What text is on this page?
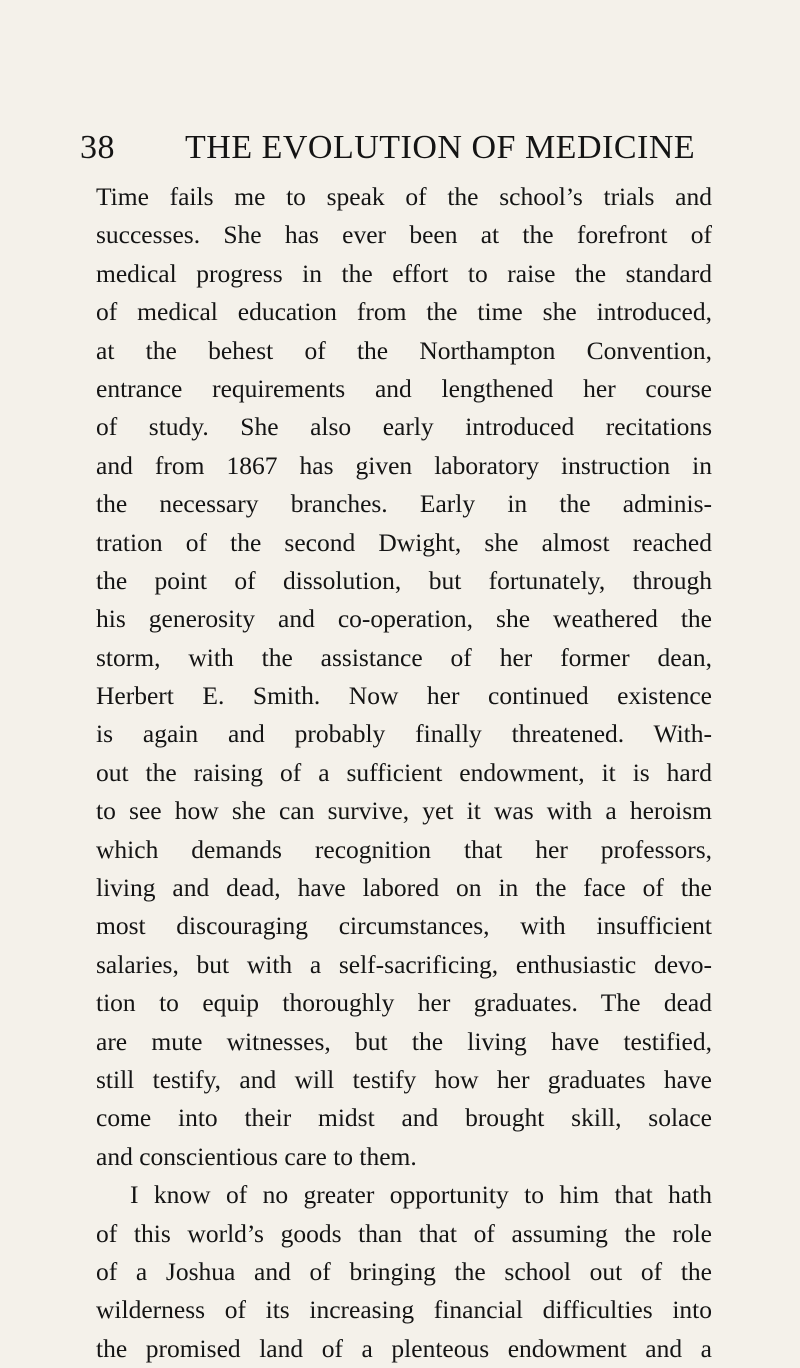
38 THE EVOLUTION OF MEDICINE
Time fails me to speak of the school’s trials and
successes. She has ever been at the forefront of
medical progress in the effort to raise the standard
of medical education from the time she introduced,
at the behest of the Northampton Convention,
entrance requirements and lengthened her course
of study. She also early introduced recitations
and from 1867 has given laboratory instruction in
the necessary branches. Early in the adminis-
tration of the second Dwight, she almost reached
the point of dissolution, but fortunately, through
his generosity and co-operation, she weathered the
storm, with the assistance of her former dean,
Herbert E. Smith. Now her continued existence
is again and probably finally threatened. With-
out the raising of a sufficient endowment, it is hard
to see how she can survive, yet it was with a heroism
which demands recognition that her professors,
living and dead, have labored on in the face of the
most discouraging circumstances, with insufficient
salaries, but with a self-sacrificing, enthusiastic devo-
tion to equip thoroughly her graduates. The dead
are mute witnesses, but the living have testified,
still testify, and will testify how her graduates have
come into their midst and brought skill, solace
and conscientious care to them.
I know of no greater opportunity to him that hath
of this world’s goods than that of assuming the role
of a Joshua and of bringing the school out of the
wilderness of its increasing financial difficulties into
the promised land of a plenteous endowment and a
